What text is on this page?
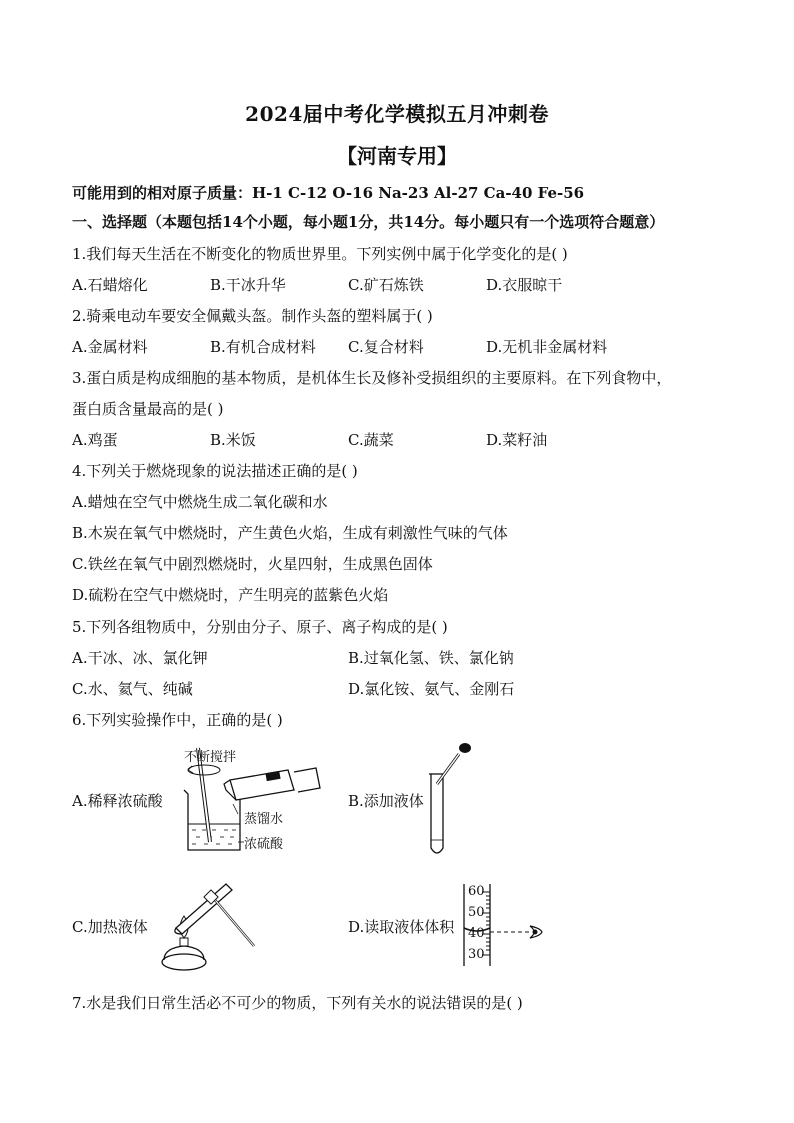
2024届中考化学模拟五月冲刺卷
【河南专用】
可能用到的相对原子质量：H-1 C-12 O-16 Na-23 Al-27 Ca-40 Fe-56
一、选择题（本题包括14个小题，每小题1分，共14分。每小题只有一个选项符合题意）
1.我们每天生活在不断变化的物质世界里。下列实例中属于化学变化的是( )
A.石蜡熔化	B.干冰升华	C.矿石炼铁	D.衣服晾干
2.骑乘电动车要安全佩戴头盔。制作头盔的塑料属于( )
A.金属材料	B.有机合成材料 C.复合材料	D.无机非金属材料
3.蛋白质是构成细胞的基本物质，是机体生长及修补受损组织的主要原料。在下列食物中，
蛋白质含量最高的是( )
A.鸡蛋	B.米饭	C.蔬菜	D.菜籽油
4.下列关于燃烧现象的说法描述正确的是( )
A.蜡烛在空气中燃烧生成二氧化碳和水
B.木炭在氧气中燃烧时，产生黄色火焰，生成有刺激性气味的气体
C.铁丝在氧气中剧烈燃烧时，火星四射，生成黑色固体
D.硫粉在空气中燃烧时，产生明亮的蓝紫色火焰
5.下列各组物质中，分别由分子、原子、离子构成的是( )
A.干冰、冰、氯化钾	B.过氧化氢、铁、氯化钠
C.水、氦气、纯碱	D.氯化铵、氨气、金刚石
6.下列实验操作中，正确的是( )
A.稀释浓硫酸
不断搅拌
蒸馏水
浓硫酸
B.添加液体
C.加热液体	D.读取液体体积
60
50
40
30
7.水是我们日常生活必不可少的物质，下列有关水的说法错误的是( )
